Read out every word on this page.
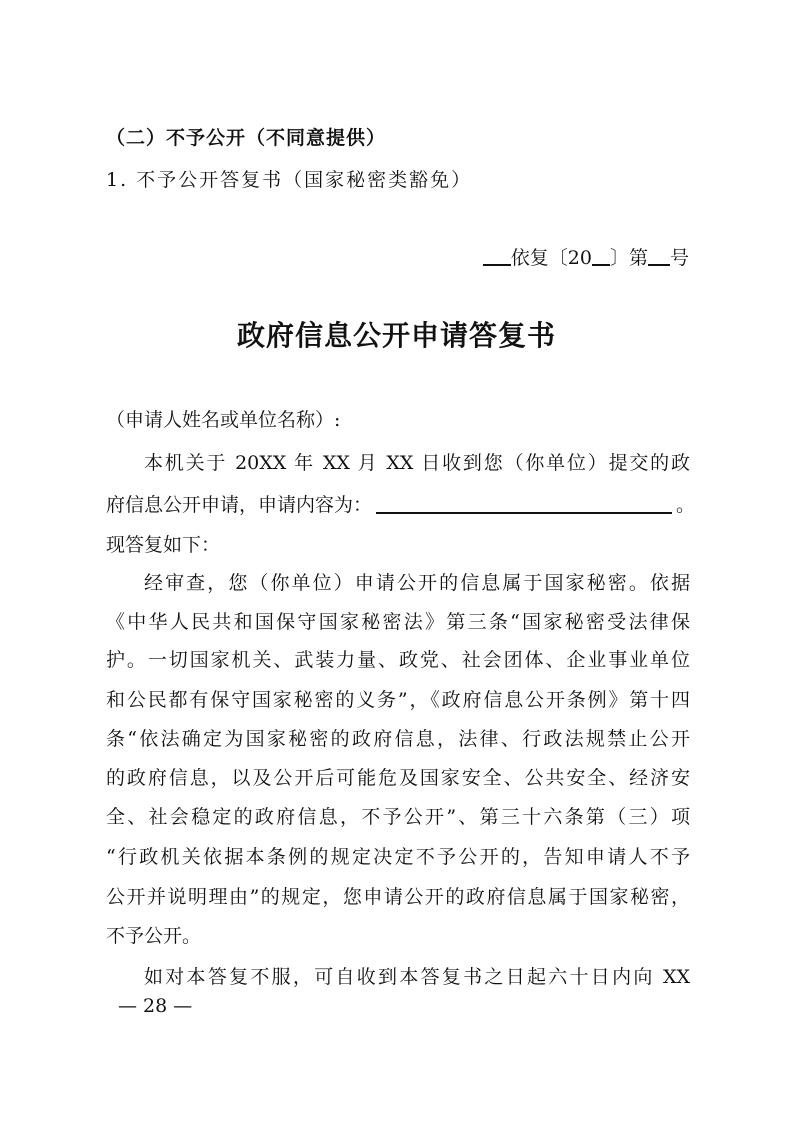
（二）不予公开（不同意提供）
1. 不予公开答复书（国家秘密类豁免）
依复〔20 〕第 号
政府信息公开申请答复书
（申请人姓名或单位名称）:
本机关于 20XX 年 XX 月 XX 日收到您（你单位）提交的政
府信息公开申请，申请内容为：	。
现答复如下：
经审查，您（你单位）申请公开的信息属于国家秘密。依据
《中华人民共和国保守国家秘密法》第三条“国家秘密受法律保
护。一切国家机关、武装力量、政党、社会团体、企业事业单位
和公民都有保守国家秘密的义务”，《政府信息公开条例》第十四
条“依法确定为国家秘密的政府信息，法律、行政法规禁止公开
的政府信息，以及公开后可能危及国家安全、公共安全、经济安
全、社会稳定的政府信息，不予公开”、第三十六条第（三）项
“行政机关依据本条例的规定决定不予公开的，告知申请人不予
公开并说明理由”的规定，您申请公开的政府信息属于国家秘密，
不予公开。
如对本答复不服，可自收到本答复书之日起六十日内向 XX
— 28 —
